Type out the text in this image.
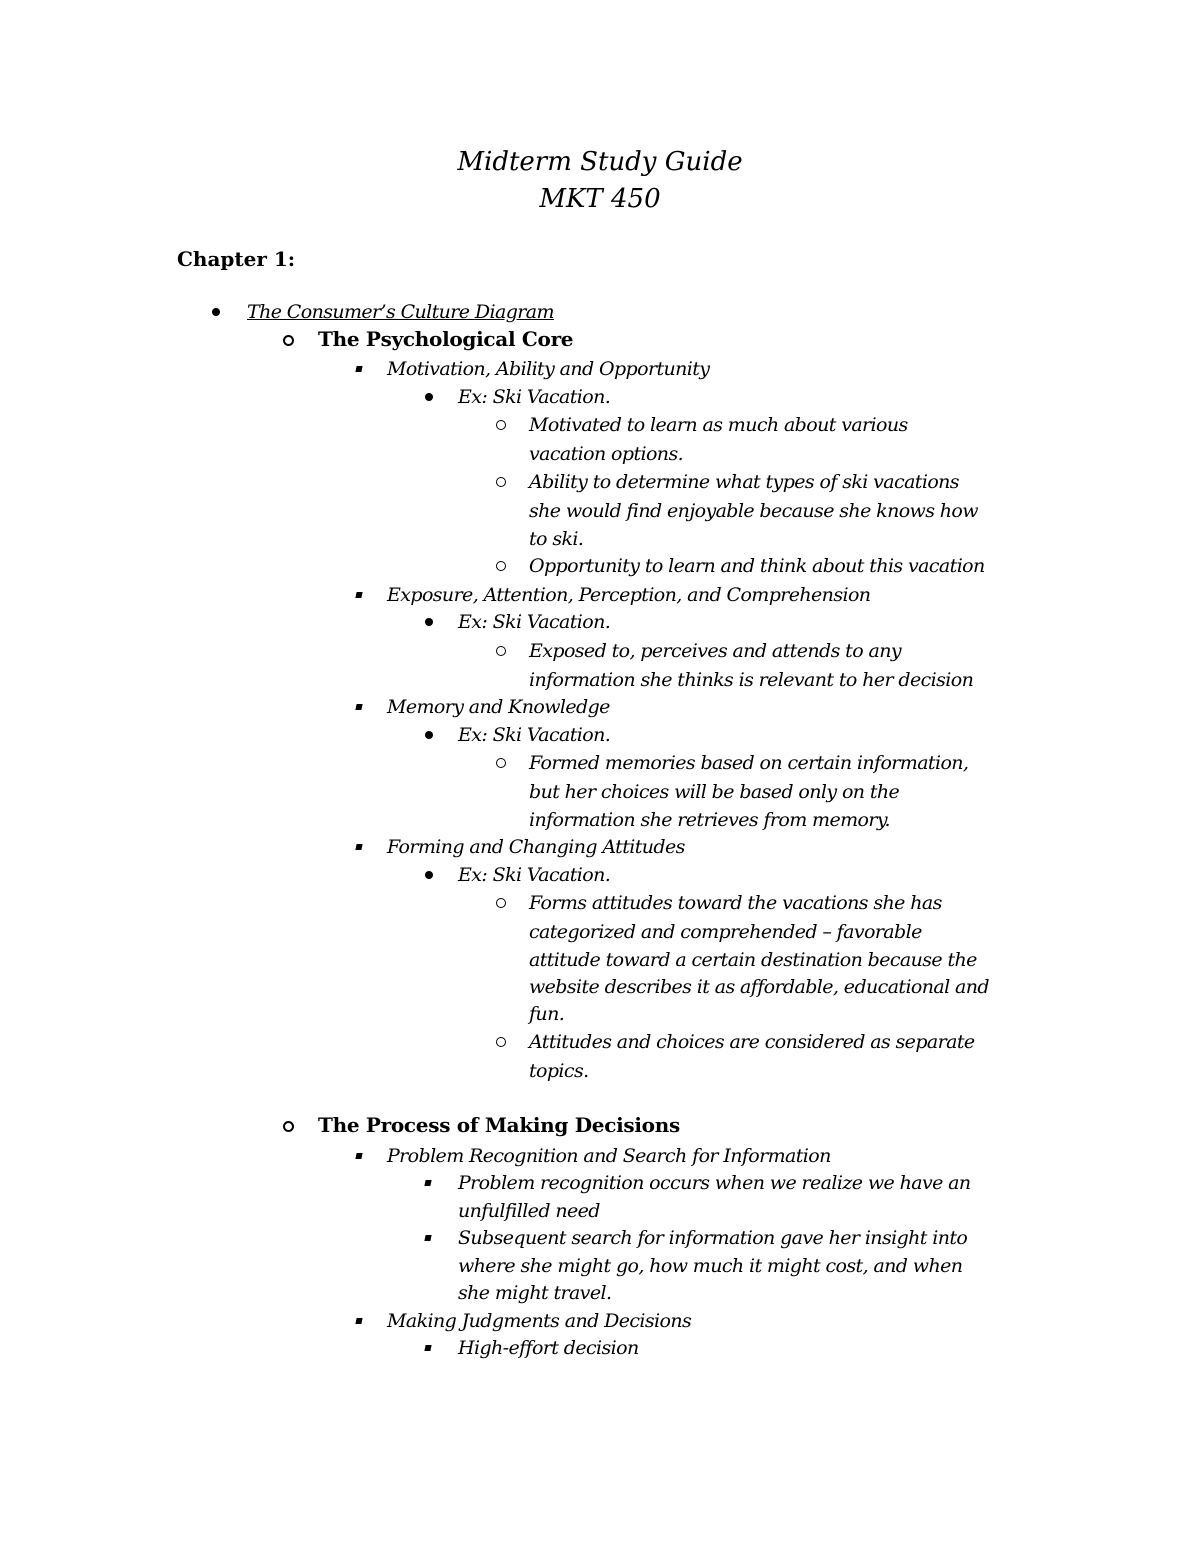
Midterm Study Guide
MKT 450
Chapter 1:
The Consumer’s Culture Diagram
The Psychological Core
Motivation, Ability and Opportunity
Ex: Ski Vacation.
Motivated to learn as much about various
vacation options.
Ability to determine what types of ski vacations
she would find enjoyable because she knows how
to ski.
Opportunity to learn and think about this vacation
Exposure, Attention, Perception, and Comprehension
Ex: Ski Vacation.
Exposed to, perceives and attends to any
information she thinks is relevant to her decision
Memory and Knowledge
Ex: Ski Vacation.
Formed memories based on certain information,
but her choices will be based only on the
information she retrieves from memory.
Forming and Changing Attitudes
Ex: Ski Vacation.
Forms attitudes toward the vacations she has
categorized and comprehended – favorable
attitude toward a certain destination because the
website describes it as affordable, educational and
fun.
Attitudes and choices are considered as separate
topics.
The Process of Making Decisions
Problem Recognition and Search for Information
Problem recognition occurs when we realize we have an
unfulfilled need
Subsequent search for information gave her insight into
where she might go, how much it might cost, and when
she might travel.
Making Judgments and Decisions
High-effort decision
